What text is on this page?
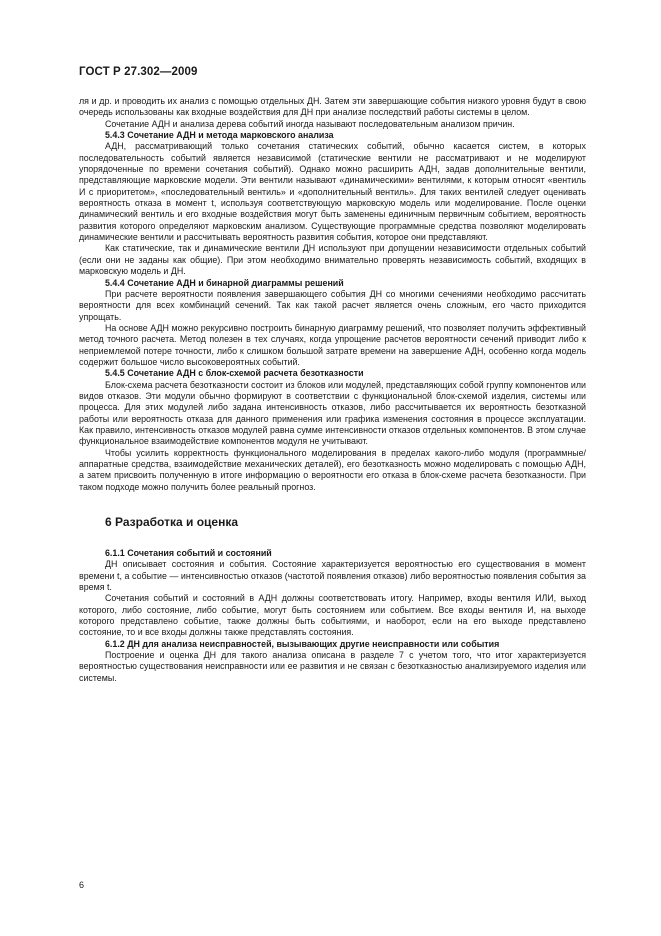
ГОСТ Р 27.302—2009

ля и др. и проводить их анализ с помощью отдельных ДН. Затем эти завершающие события низкого уровня будут в свою очередь использованы как входные воздействия для ДН при анализе последствий работы системы в целом.

Сочетание АДН и анализа дерева событий иногда называют последовательным анализом причин.

5.4.3 Сочетание АДН и метода марковского анализа

АДН, рассматривающий только сочетания статических событий, обычно касается систем, в которых последовательность событий является независимой (статические вентили не рассматривают и не моделируют упорядоченные по времени сочетания событий). Однако можно расширить АДН, задав дополнительные вентили, представляющие марковские модели. Эти вентили называют «динамическими» вентилями, к которым относят «вентиль И с приоритетом», «последовательный вентиль» и «дополнительный вентиль». Для таких вентилей следует оценивать вероятность отказа в момент t, используя соответствующую марковскую модель или моделирование. После оценки динамический вентиль и его входные воздействия могут быть заменены единичным первичным событием, вероятность развития которого определяют марковским анализом. Существующие программные средства позволяют моделировать динамические вентили и рассчитывать вероятность развития события, которое они представляют.

Как статические, так и динамические вентили ДН используют при допущении независимости отдельных событий (если они не заданы как общие). При этом необходимо внимательно проверять независимость событий, входящих в марковскую модель и ДН.

5.4.4 Сочетание АДН и бинарной диаграммы решений

При расчете вероятности появления завершающего события ДН со многими сечениями необходимо рассчитать вероятности для всех комбинаций сечений. Так как такой расчет является очень сложным, его часто приходится упрощать.

На основе АДН можно рекурсивно построить бинарную диаграмму решений, что позволяет получить эффективный метод точного расчета. Метод полезен в тех случаях, когда упрощение расчетов вероятности сечений приводит либо к неприемлемой потере точности, либо к слишком большой затрате времени на завершение АДН, особенно когда модель содержит большое число высоковероятных событий.

5.4.5 Сочетание АДН с блок-схемой расчета безотказности

Блок-схема расчета безотказности состоит из блоков или модулей, представляющих собой группу компонентов или видов отказов. Эти модули обычно формируют в соответствии с функциональной блок-схемой изделия, системы или процесса. Для этих модулей либо задана интенсивность отказов, либо рассчитывается их вероятность безотказной работы или вероятность отказа для данного применения или графика изменения состояния в процессе эксплуатации. Как правило, интенсивность отказов модулей равна сумме интенсивности отказов отдельных компонентов. В этом случае функциональное взаимодействие компонентов модуля не учитывают.

Чтобы усилить корректность функционального моделирования в пределах какого-либо модуля (программные/аппаратные средства, взаимодействие механических деталей), его безотказность можно моделировать с помощью АДН, а затем присвоить полученную в итоге информацию о вероятности его отказа в блок-схеме расчета безотказности. При таком подходе можно получить более реальный прогноз.

6 Разработка и оценка
6.1.1 Сочетания событий и состояний

ДН описывает состояния и события. Состояние характеризуется вероятностью его существования в момент времени t, а событие — интенсивностью отказов (частотой появления отказов) либо вероятностью появления события за время t.

Сочетания событий и состояний в АДН должны соответствовать итогу. Например, входы вентиля ИЛИ, выход которого, либо состояние, либо событие, могут быть состоянием или событием. Все входы вентиля И, на выходе которого представлено событие, также должны быть событиями, и наоборот, если на его выходе представлено состояние, то и все входы должны также представлять состояния.

6.1.2 ДН для анализа неисправностей, вызывающих другие неисправности или события

Построение и оценка ДН для такого анализа описана в разделе 7 с учетом того, что итог характеризуется вероятностью существования неисправности или ее развития и не связан с безотказностью анализируемого изделия или системы.

6
